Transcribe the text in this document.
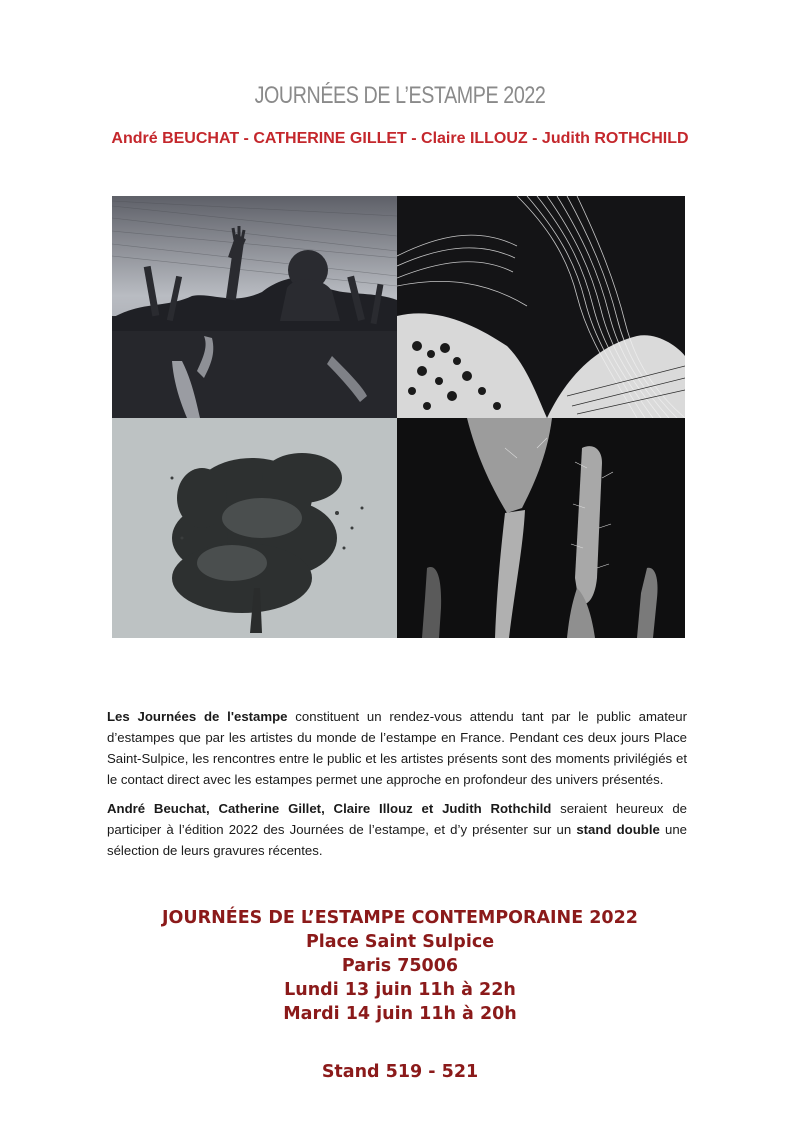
JOURNÉES DE L’ESTAMPE 2022
André BEUCHAT - CATHERINE GILLET - Claire ILLOUZ - Judith ROTHCHILD

Les Journées de l'estampe constituent un rendez-vous attendu tant par le public amateur d’estampes que par les artistes du monde de l’estampe en France. Pendant ces deux jours Place Saint-Sulpice, les rencontres entre le public et les artistes présents sont des moments privilégiés et le contact direct avec les estampes permet une approche en profondeur des univers présentés.

André Beuchat, Catherine Gillet, Claire Illouz et Judith Rothchild seraient heureux de participer à l’édition 2022 des Journées de l’estampe, et d’y présenter sur un stand double une sélection de leurs gravures récentes.

JOURNÉES DE L’ESTAMPE CONTEMPORAINE 2022
Place Saint Sulpice
Paris 75006
Lundi 13 juin 11h à 22h
Mardi 14 juin 11h à 20h
Stand 519 - 521
